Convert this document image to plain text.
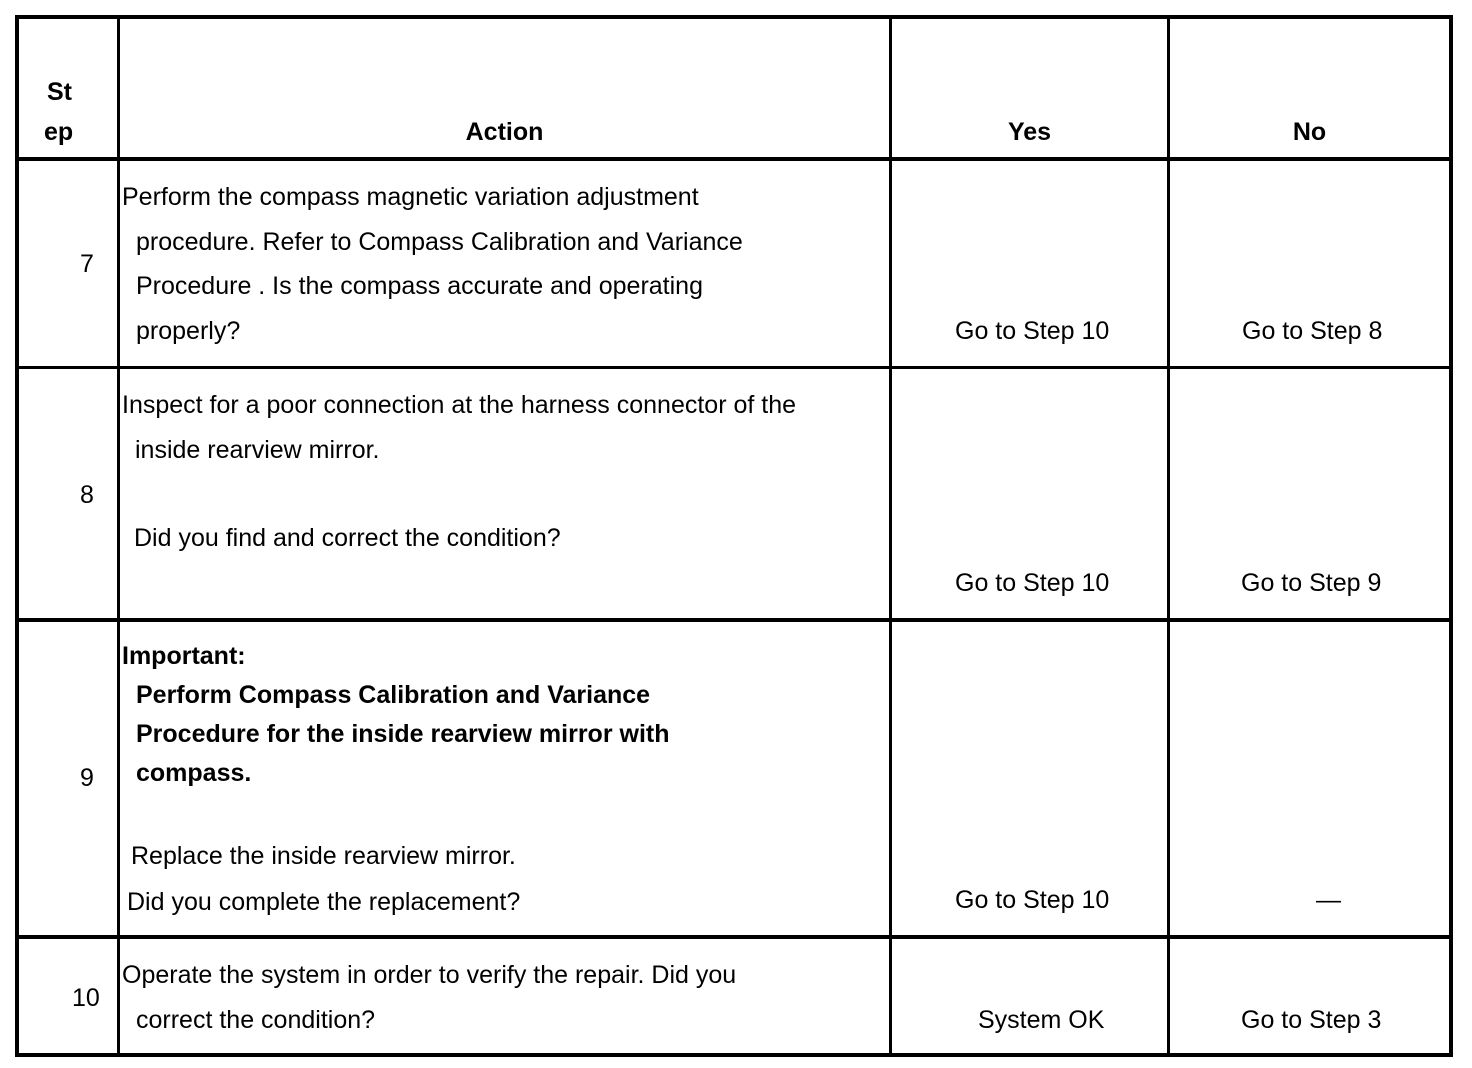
St
ep	Action	Yes	No
7
Perform the compass magnetic variation adjustment
procedure. Refer to Compass Calibration and Variance
Procedure . Is the compass accurate and operating
properly?	Go to Step 10	Go to Step 8
8
Inspect for a poor connection at the harness connector of the
inside rearview mirror.
Did you find and correct the condition?
Go to Step 10	Go to Step 9
9
Important:
Perform Compass Calibration and Variance
Procedure for the inside rearview mirror with
compass.
Replace the inside rearview mirror.
Did you complete the replacement?	Go to Step 10	—
10
Operate the system in order to verify the repair. Did you
correct the condition?	System OK	Go to Step 3
